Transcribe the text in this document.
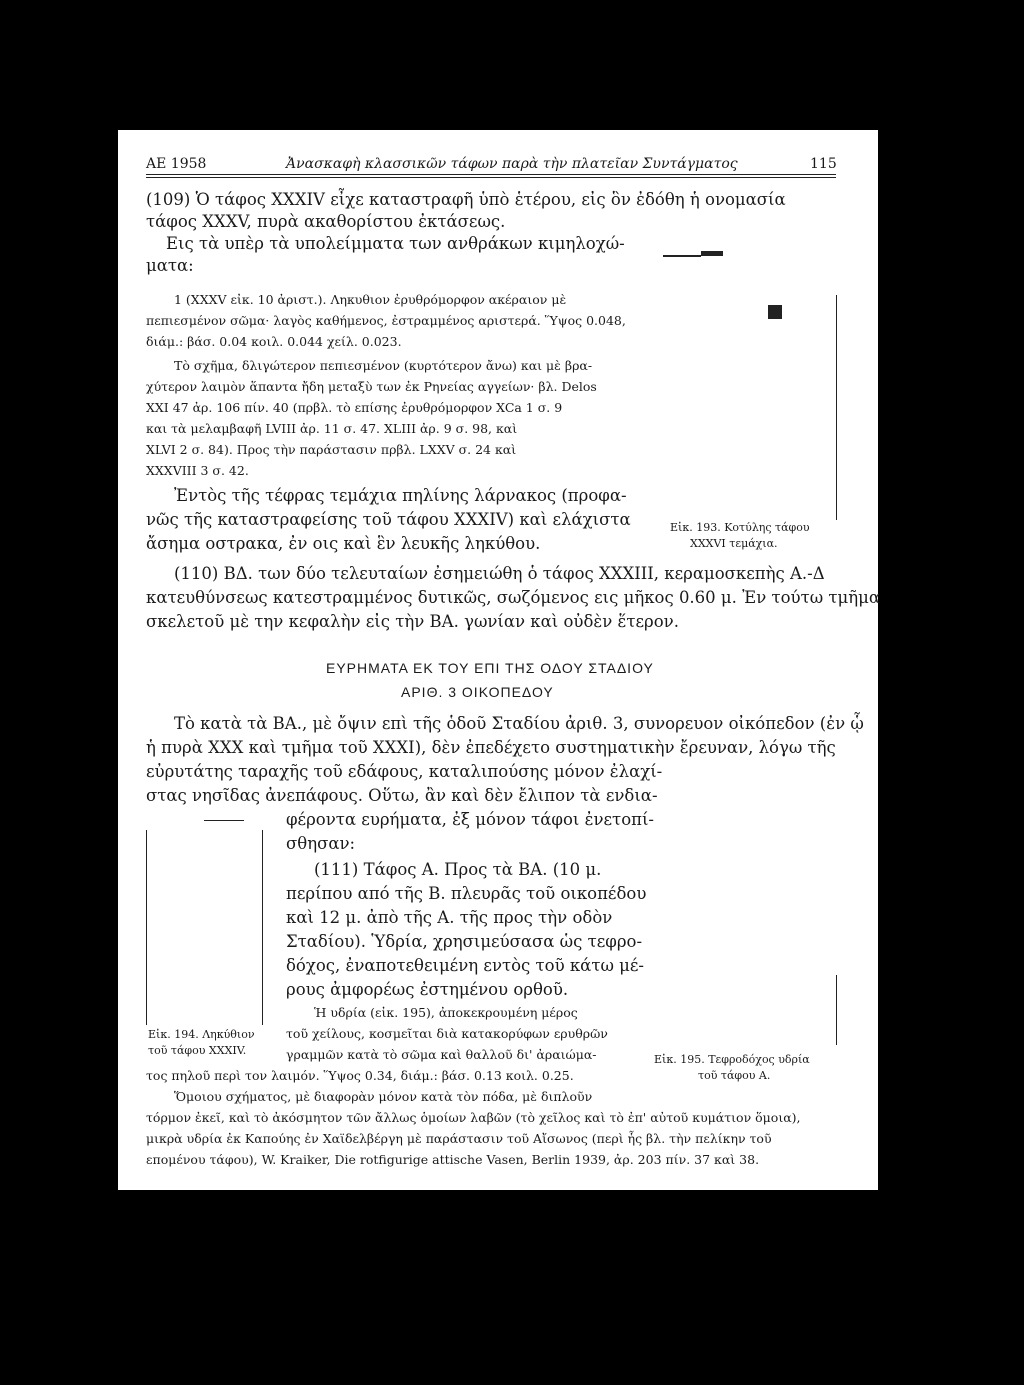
ΑΕ 1958	Ἀνασκαφὴ κλασσικῶν τάφων παρὰ τὴν πλατεῖαν Συντάγματος	115
(109) Ὁ τάφος XXXIV εἶχε καταστραφῆ ὑπὸ ἑτέρου, εἰς ὃν ἐδόθη ἡ ονομασία
τάφος XXXV, πυρὰ ακαθορίστου ἐκτάσεως.
Εις τὰ υπὲρ τὰ υπολείμματα των ανθράκων κιμηλοχώ-
ματα:
1 (XXXV εἰκ. 10 ἀριστ.). Ληκυθιον ἐρυθρόμορφον ακέραιον μὲ
πεπιεσμένον σῶμα· λαγὸς καθήμενος, ἐστραμμένος αριστερά. Ὕψος 0.048,
διάμ.: βάσ. 0.04 κοιλ. 0.044 χείλ. 0.023.
Τὸ σχῆμα, δλιγώτερον πεπιεσμένον (κυρτότερον ἄνω) και μὲ βρα-
χύτερον λαιμὸν ἅπαντα ἤδη μεταξὺ των ἐκ Ρηνείας αγγείων· βλ. Delos
XXI 47 ἀρ. 106 πίν. 40 (πρβλ. τὸ επίσης ἐρυθρόμορφον XCa 1 σ. 9
και τὰ μελαμβαφῆ LVIII ἀρ. 11 σ. 47. XLIII ἀρ. 9 σ. 98, καὶ
XLVI 2 σ. 84). Προς τὴν παράστασιν πρβλ. LXXV σ. 24 καὶ
XXXVIII 3 σ. 42.
Ἐντὸς τῆς τέφρας τεμάχια πηλίνης λάρνακος (προφα-
νῶς τῆς καταστραφείσης τοῦ τάφου XXXIV) καὶ ελάχιστα
ἄσημα οστρακα, ἐν οις καὶ ἓν λευκῆς ληκύθου.
Εἰκ. 193. Κοτύλης τάφου
XXXVI τεμάχια.
(110) ΒΔ. των δύο τελευταίων ἐσημειώθη ὁ τάφος XXXIII, κεραμοσκεπὴς Α.-Δ
κατευθύνσεως κατεστραμμένος δυτικῶς, σωζόμενος εις μῆκος 0.60 μ. Ἐν τούτω τμῆμα
σκελετοῦ μὲ την κεφαλὴν εἰς τὴν ΒΑ. γωνίαν καὶ οὐδὲν ἕτερον.
ΕΥΡΗΜΑΤΑ ΕΚ ΤΟΥ ΕΠΙ ΤΗΣ ΟΔΟΥ ΣΤΑΔΙΟΥ
ΑΡΙΘ. 3 ΟΙΚΟΠΕΔΟΥ
Τὸ κατὰ τὰ ΒΑ., μὲ ὄψιν επὶ τῆς ὁδοῦ Σταδίου ἀριθ. 3, συνορευον οἰκόπεδον (ἐν ᾧ
ἡ πυρὰ XXX καὶ τμῆμα τοῦ XXXI), δὲν ἐπεδέχετο συστηματικὴν ἔρευναν, λόγω τῆς
εὐρυτάτης ταραχῆς τοῦ εδάφους, καταλιπούσης μόνον ἐλαχί-
στας νησῖδας ἀνεπάφους. Οὕτω, ἂν καὶ δὲν ἔλιπον τὰ ενδια-
φέροντα ευρήματα, ἐξ μόνον τάφοι ἐνετοπί-
σθησαν:
(111) Τάφος Α. Προς τὰ ΒΑ. (10 μ.
περίπου από τῆς Β. πλευρᾶς τοῦ οικοπέδου
καὶ 12 μ. ἀπὸ τῆς Α. τῆς προς τὴν οδὸν
Σταδίου). Ὑδρία, χρησιμεύσασα ὡς τεφρο-
δόχος, ἐναποτεθειμένη εντὸς τοῦ κάτω μέ-
ρους ἀμφορέως ἐστημένου ορθοῦ.
Ἡ υδρία (εἰκ. 195), ἀποκεκρουμένη μέρος
τοῦ χείλους, κοσμεῖται διὰ κατακορύφων ερυθρῶν
γραμμῶν κατὰ τὸ σῶμα καὶ θαλλοῦ δι' ἀραιώμα-
τος πηλοῦ περὶ τον λαιμόν. Ὕψος 0.34, διάμ.: βάσ. 0.13 κοιλ. 0.25.
Ὅμοιου σχήματος, μὲ διαφορὰν μόνον κατὰ τὸν πόδα, μὲ διπλοῦν
τόρμον ἐκεῖ, καὶ τὸ ἀκόσμητον τῶν ἄλλως ὁμοίων λαβῶν (τὸ χεῖλος καὶ τὸ ἐπ' αὐτοῦ κυμάτιον ὅμοια),
μικρὰ υδρία ἐκ Καπούης ἐν Χαϊδελβέργη μὲ παράστασιν τοῦ Αἴσωνος (περὶ ἧς βλ. τὴν πελίκην τοῦ
επομένου τάφου), W. Kraiker, Die rotfigurige attische Vasen, Berlin 1939, ἀρ. 203 πίν. 37 καὶ 38.
Εἰκ. 194. Ληκύθιον
τοῦ τάφου XXXIV.
Εἰκ. 195. Τεφροδόχος υδρία
τοῦ τάφου Α.
